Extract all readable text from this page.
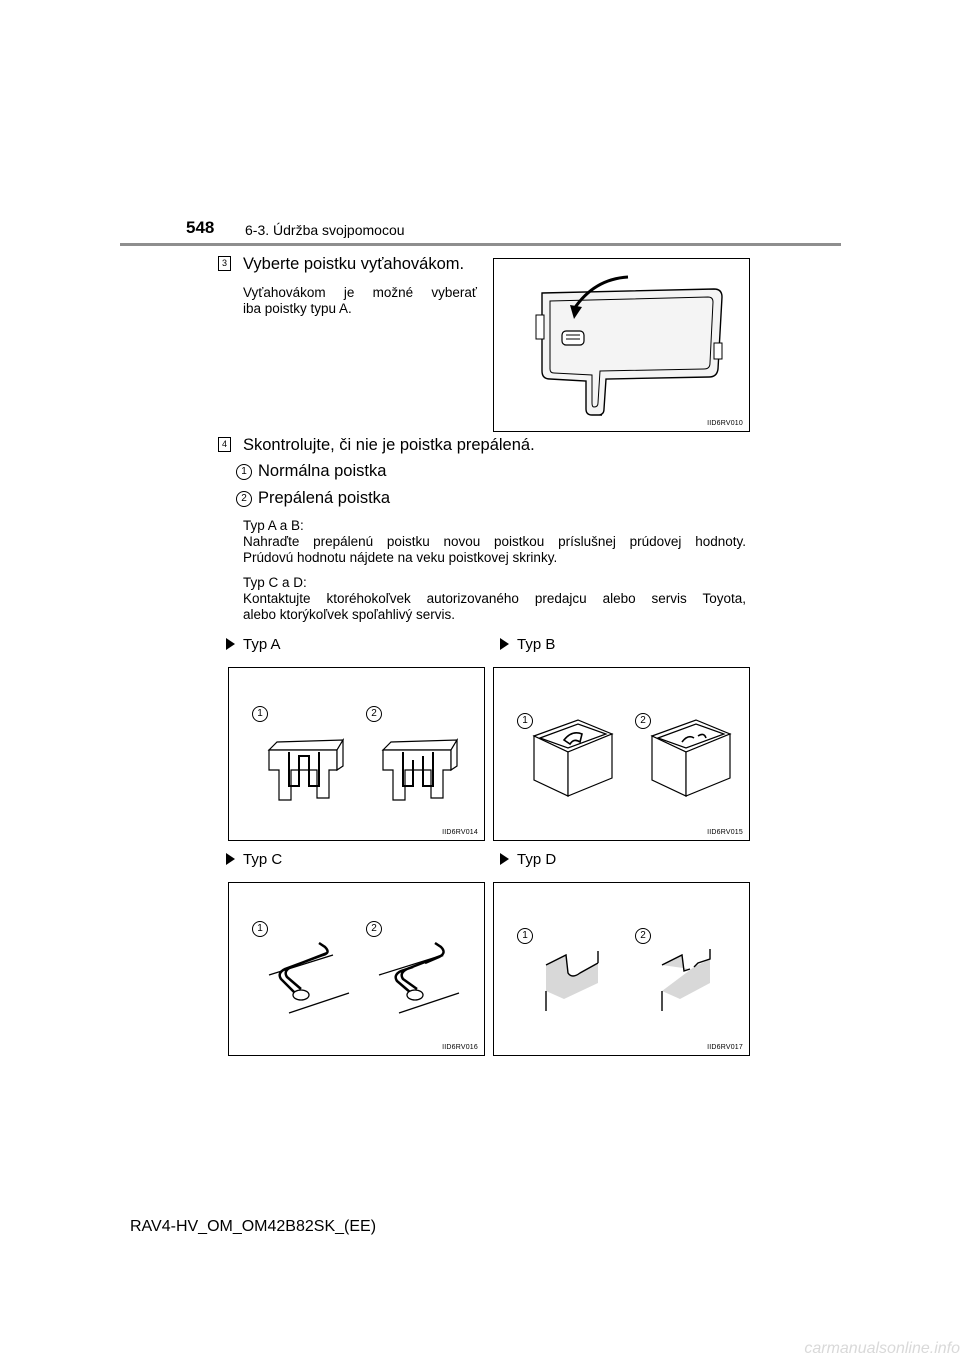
548 6-3. Údržba svojpomocou
3 Vyberte poistku vyťahovákom.
Vyťahovákom je možné vyberať
iba poistky typu A.
IID6RV010
4 Skontrolujte, či nie je poistka prepálená.
1 Normálna poistka
2 Prepálená poistka
Typ A a B:
Nahraďte prepálenú poistku novou poistkou príslušnej prúdovej hodnoty.
Prúdovú hodnotu nájdete na veku poistkovej skrinky.
Typ C a D:
Kontaktujte ktoréhokoľvek autorizovaného predajcu alebo servis Toyota,
alebo ktorýkoľvek spoľahlivý servis.
Typ A	Typ B
Typ C	Typ D
1	2
IID6RV014
1	2
IID6RV015
1	2
IID6RV016
1	2
IID6RV017
RAV4-HV_OM_OM42B82SK_(EE)
carmanualsonline.info
